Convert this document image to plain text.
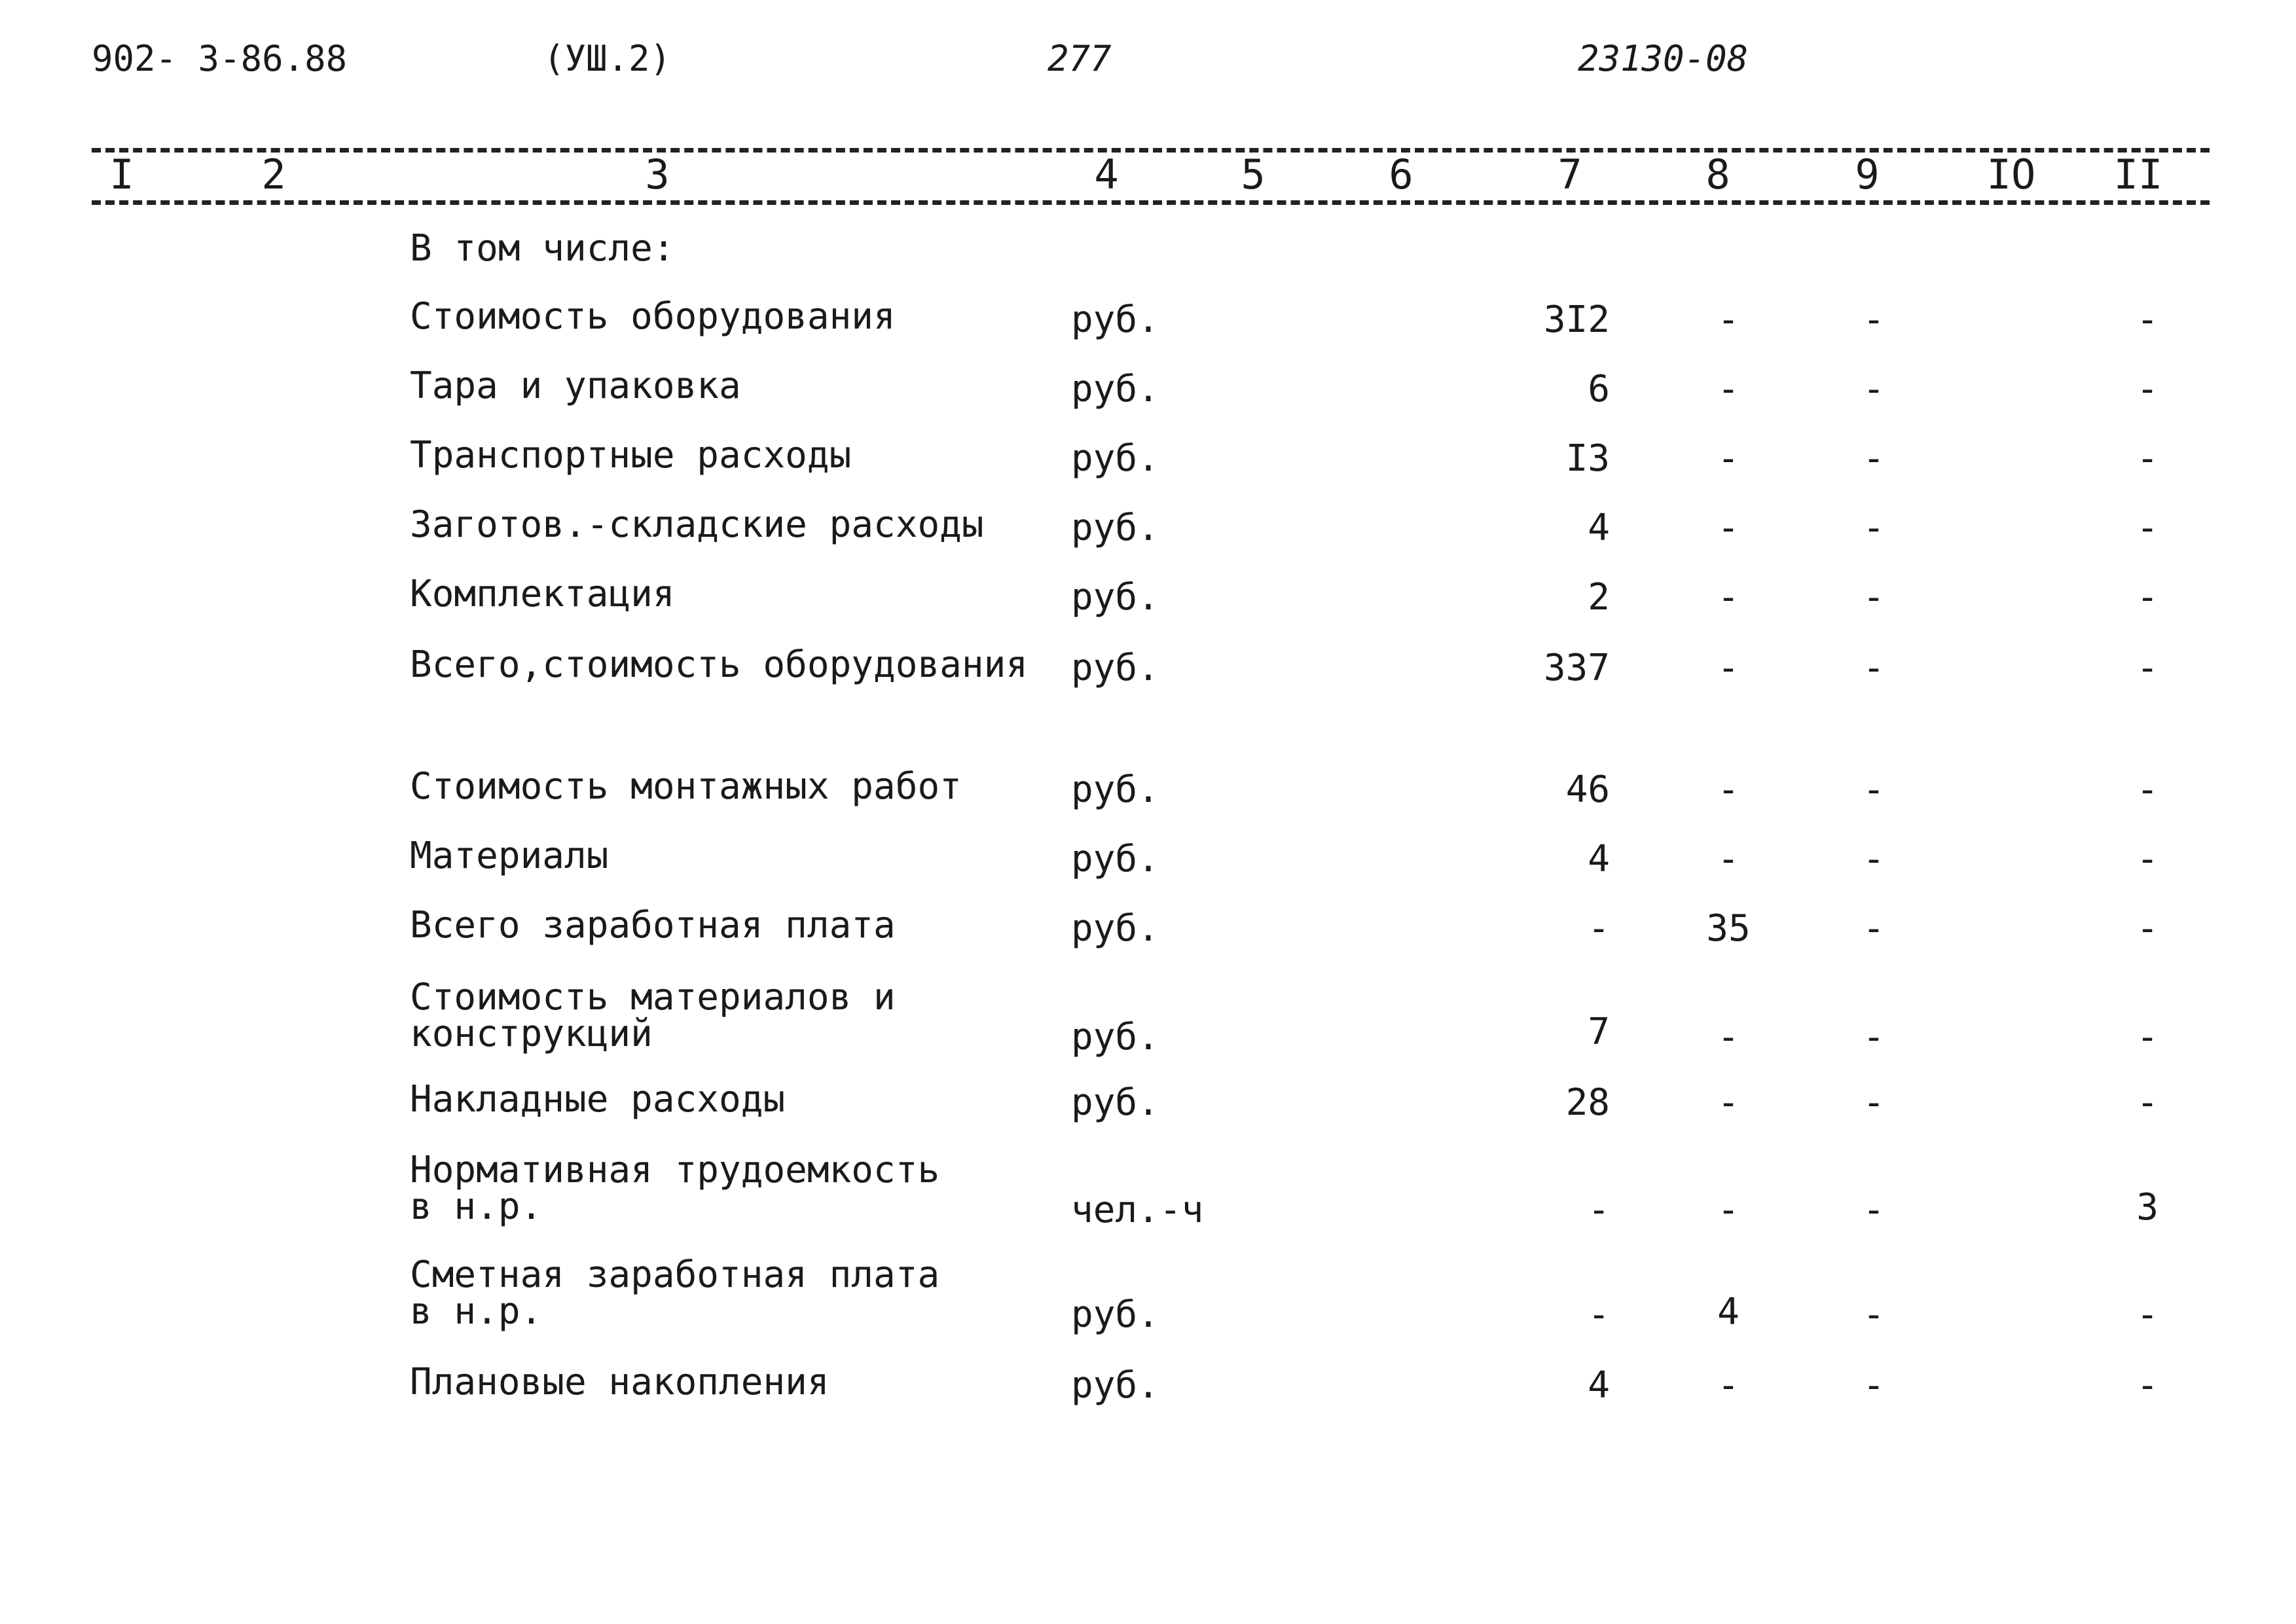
902- 3-86.88	(УШ.2)	277	23130-08
I	2	3	4	5	6	7	8	9	IO II
В том числе:
Стоимость оборудования	руб.	3I2	-	-	-
Тара и упаковка	руб.	6	-	-	-
Транспортные расходы	руб.	I3	-	-	-
Заготов.-складские расходы руб.	4	-	-	-
Комплектация	руб.	2	-	-	-
Всего,стоимость оборудования руб.	337	-	-	-
Стоимость монтажных работ	руб.	46	-	-	-
Материалы	руб.	4	-	-	-
Всего заработная плата	руб.	-	35	-	-
Стоимость материалов и
конструкций	руб.	7	-	-	-
Накладные расходы	руб.	28	-	-	-
Нормативная трудоемкость
в н.р.	чел.-ч	-	-	-	3
Сметная заработная плата
в н.р.	руб.	-	4	-	-
Плановые накопления	руб.	4	-	-	-
